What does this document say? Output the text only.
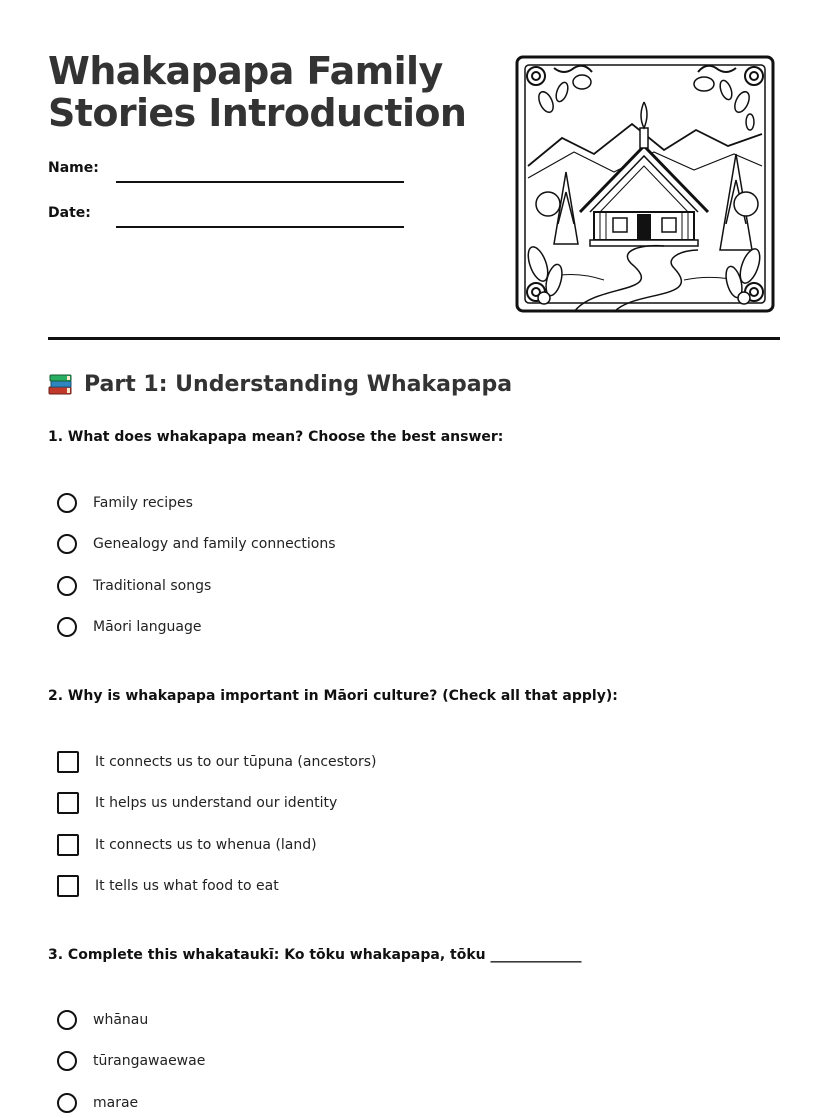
Whakapapa Family
Stories Introduction
Name:
Date:
Part 1: Understanding Whakapapa
1. What does whakapapa mean? Choose the best answer:
Family recipes
Genealogy and family connections
Traditional songs
Māori language
2. Why is whakapapa important in Māori culture? (Check all that apply):
It connects us to our tūpuna (ancestors)
It helps us understand our identity
It connects us to whenua (land)
It tells us what food to eat
3. Complete this whakataukī: Ko tōku whakapapa, tōku _____________
whānau
tūrangawaewae
marae
